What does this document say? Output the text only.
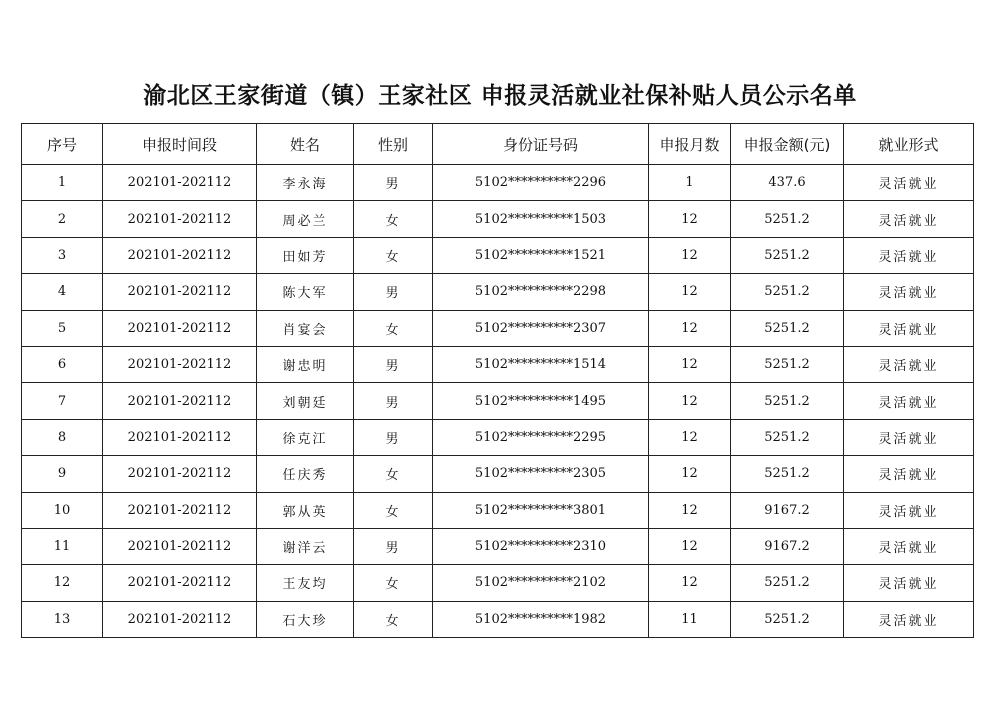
渝北区王家街道（镇）王家社区 申报灵活就业社保补贴人员公示名单
序号	申报时间段	姓名	性别	身份证号码	申报月数	申报金额(元)	就业形式
1	202101-202112	李永海	男	5102**********2296	1	437.6	灵活就业
2	202101-202112	周必兰	女	5102**********1503	12	5251.2	灵活就业
3	202101-202112	田如芳	女	5102**********1521	12	5251.2	灵活就业
4	202101-202112	陈大军	男	5102**********2298	12	5251.2	灵活就业
5	202101-202112	肖宴会	女	5102**********2307	12	5251.2	灵活就业
6	202101-202112	谢忠明	男	5102**********1514	12	5251.2	灵活就业
7	202101-202112	刘朝廷	男	5102**********1495	12	5251.2	灵活就业
8	202101-202112	徐克江	男	5102**********2295	12	5251.2	灵活就业
9	202101-202112	任庆秀	女	5102**********2305	12	5251.2	灵活就业
10	202101-202112	郭从英	女	5102**********3801	12	9167.2	灵活就业
11	202101-202112	谢洋云	男	5102**********2310	12	9167.2	灵活就业
12	202101-202112	王友均	女	5102**********2102	12	5251.2	灵活就业
13	202101-202112	石大珍	女	5102**********1982	11	5251.2	灵活就业
